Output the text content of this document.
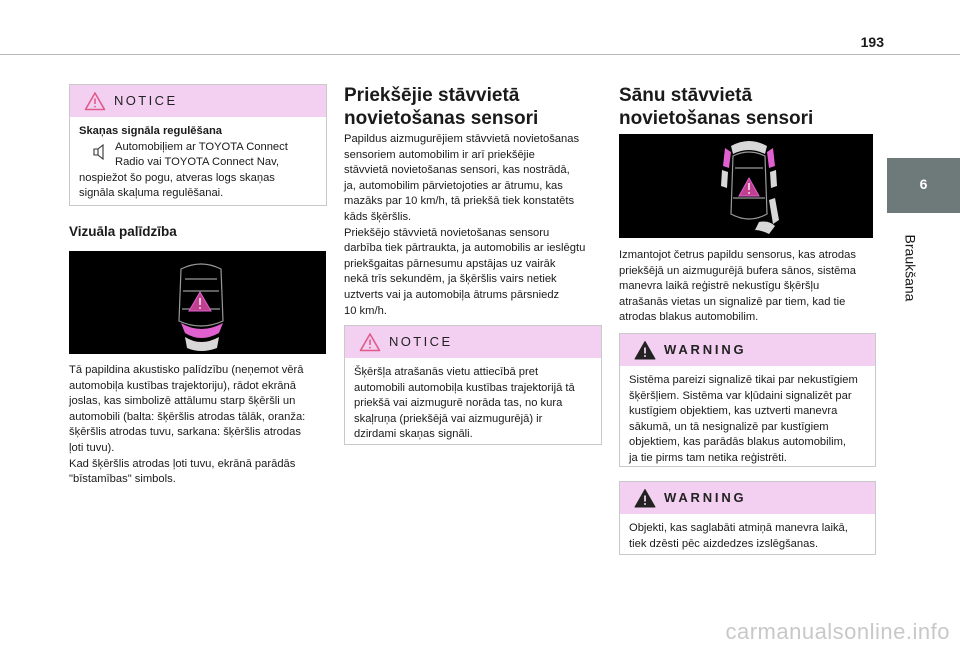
193
6
Braukšana
NOTICE
Skaņas signāla regulēšana
Automobiļiem ar TOYOTA Connect
Radio vai TOYOTA Connect Nav,
nospiežot šo pogu, atveras logs skaņas
signāla skaļuma regulēšanai.
Vizuāla palīdzība
Tā papildina akustisko palīdzību (neņemot vērā
automobiļa kustības trajektoriju), rādot ekrānā
joslas, kas simbolizē attālumu starp šķēršli un
automobili (balta: šķēršlis atrodas tālāk, oranža:
šķēršlis atrodas tuvu, sarkana: šķēršlis atrodas
ļoti tuvu).
Kad šķēršlis atrodas ļoti tuvu, ekrānā parādās
"bīstamības" simbols.
Priekšējie stāvvietā
novietošanas sensori
Papildus aizmugurējiem stāvvietā novietošanas
sensoriem automobilim ir arī priekšējie
stāvvietā novietošanas sensori, kas nostrādā,
ja, automobilim pārvietojoties ar ātrumu, kas
mazāks par 10 km/h, tā priekšā tiek konstatēts
kāds šķēršlis.
Priekšējo stāvvietā novietošanas sensoru
darbība tiek pārtraukta, ja automobilis ar ieslēgtu
priekšgaitas pārnesumu apstājas uz vairāk
nekā trīs sekundēm, ja šķēršlis vairs netiek
uztverts vai ja automobiļa ātrums pārsniedz
10 km/h.
NOTICE
Šķēršļa atrašanās vietu attiecībā pret
automobili automobiļa kustības trajektorijā tā
priekšā vai aizmugurē norāda tas, no kura
skaļruņa (priekšējā vai aizmugurējā) ir
dzirdami skaņas signāli.
Sānu stāvvietā
novietošanas sensori
Izmantojot četrus papildu sensorus, kas atrodas
priekšējā un aizmugurējā bufera sānos, sistēma
manevra laikā reģistrē nekustīgu šķēršļu
atrašanās vietas un signalizē par tiem, kad tie
atrodas blakus automobilim.
WARNING
Sistēma pareizi signalizē tikai par nekustīgiem
šķēršļiem. Sistēma var kļūdaini signalizēt par
kustīgiem objektiem, kas uztverti manevra
sākumā, un tā nesignalizē par kustīgiem
objektiem, kas parādās blakus automobilim,
ja tie pirms tam netika reģistrēti.
WARNING
Objekti, kas saglabāti atmiņā manevra laikā,
tiek dzēsti pēc aizdedzes izslēgšanas.
carmanualsonline.info
